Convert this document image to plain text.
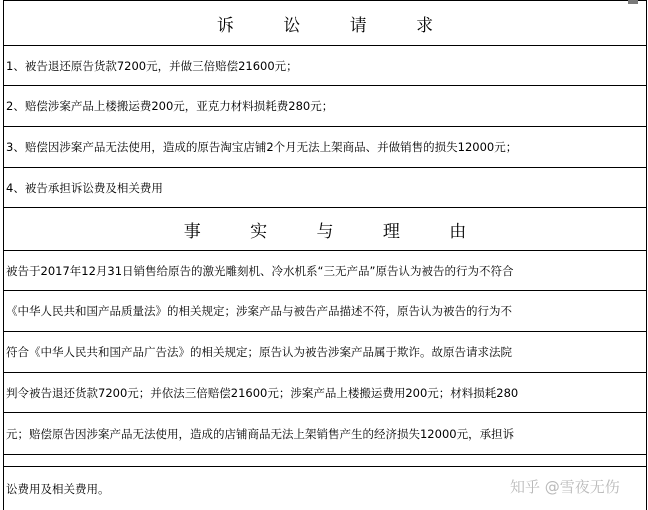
诉 讼 请 求
1、被告退还原告货款7200元，并做三倍赔偿21600元；
2、赔偿涉案产品上楼搬运费200元，亚克力材料损耗费280元；
3、赔偿因涉案产品无法使用，造成的原告淘宝店铺2个月无法上架商品、并做销售的损失12000元；
4、被告承担诉讼费及相关费用
事 实 与 理 由
被告于2017年12月31日销售给原告的激光雕刻机、冷水机系“三无产品”原告认为被告的行为不符合
《中华人民共和国产品质量法》的相关规定；涉案产品与被告产品描述不符，原告认为被告的行为不
符合《中华人民共和国产品广告法》的相关规定；原告认为被告涉案产品属于欺诈。故原告请求法院
判令被告退还货款7200元；并依法三倍赔偿21600元；涉案产品上楼搬运费用200元；材料损耗280
元；赔偿原告因涉案产品无法使用，造成的店铺商品无法上架销售产生的经济损失12000元，承担诉
讼费用及相关费用。	知乎 @雪夜无伤
